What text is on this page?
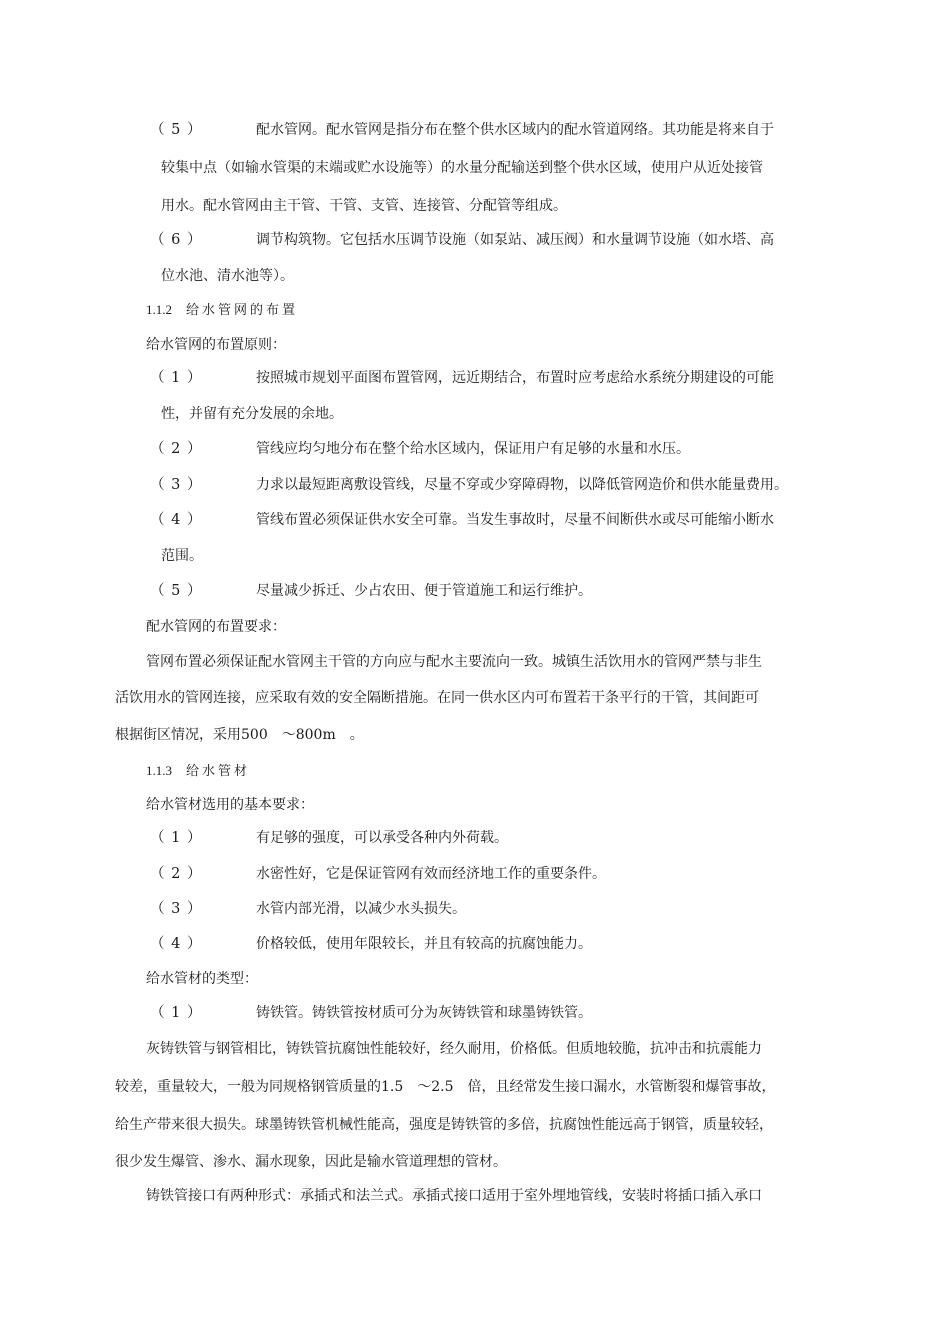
（ 5 ）	配水管网。配水管网是指分布在整个供水区域内的配水管道网络。其功能是将来自于
较集中点（如输水管渠的末端或贮水设施等）的水量分配输送到整个供水区域，使用户从近处接管
用水。配水管网由主干管、干管、支管、连接管、分配管等组成。
（ 6 ）	调节构筑物。它包括水压调节设施（如泵站、减压阀）和水量调节设施（如水塔、高
位水池、清水池等）。
1.1.2 给水管网的布置
给水管网的布置原则：
（ 1 ）	按照城市规划平面图布置管网，远近期结合，布置时应考虑给水系统分期建设的可能
性，并留有充分发展的余地。
（ 2 ）	管线应均匀地分布在整个给水区域内，保证用户有足够的水量和水压。
（ 3 ）	力求以最短距离敷设管线，尽量不穿或少穿障碍物，以降低管网造价和供水能量费用。
（ 4 ）	管线布置必须保证供水安全可靠。当发生事故时，尽量不间断供水或尽可能缩小断水
范围。
（ 5 ）	尽量减少拆迁、少占农田、便于管道施工和运行维护。
配水管网的布置要求：
管网布置必须保证配水管网主干管的方向应与配水主要流向一致。城镇生活饮用水的管网严禁与非生
活饮用水的管网连接，应采取有效的安全隔断措施。在同一供水区内可布置若干条平行的干管，其间距可
根据街区情况，采用500　～800m　。
1.1.3 给水管材
给水管材选用的基本要求：
（ 1 ）	有足够的强度，可以承受各种内外荷载。
（ 2 ）	水密性好，它是保证管网有效而经济地工作的重要条件。
（ 3 ）	水管内部光滑，以减少水头损失。
（ 4 ）	价格较低，使用年限较长，并且有较高的抗腐蚀能力。
给水管材的类型：
（ 1 ）	铸铁管。铸铁管按材质可分为灰铸铁管和球墨铸铁管。
灰铸铁管与钢管相比，铸铁管抗腐蚀性能较好，经久耐用，价格低。但质地较脆，抗冲击和抗震能力
较差，重量较大，一般为同规格钢管质量的1.5　～2.5　倍，且经常发生接口漏水，水管断裂和爆管事故，
给生产带来很大损失。球墨铸铁管机械性能高，强度是铸铁管的多倍，抗腐蚀性能远高于钢管，质量较轻，
很少发生爆管、渗水、漏水现象，因此是输水管道理想的管材。
铸铁管接口有两种形式：承插式和法兰式。承插式接口适用于室外埋地管线，安装时将插口插入承口
